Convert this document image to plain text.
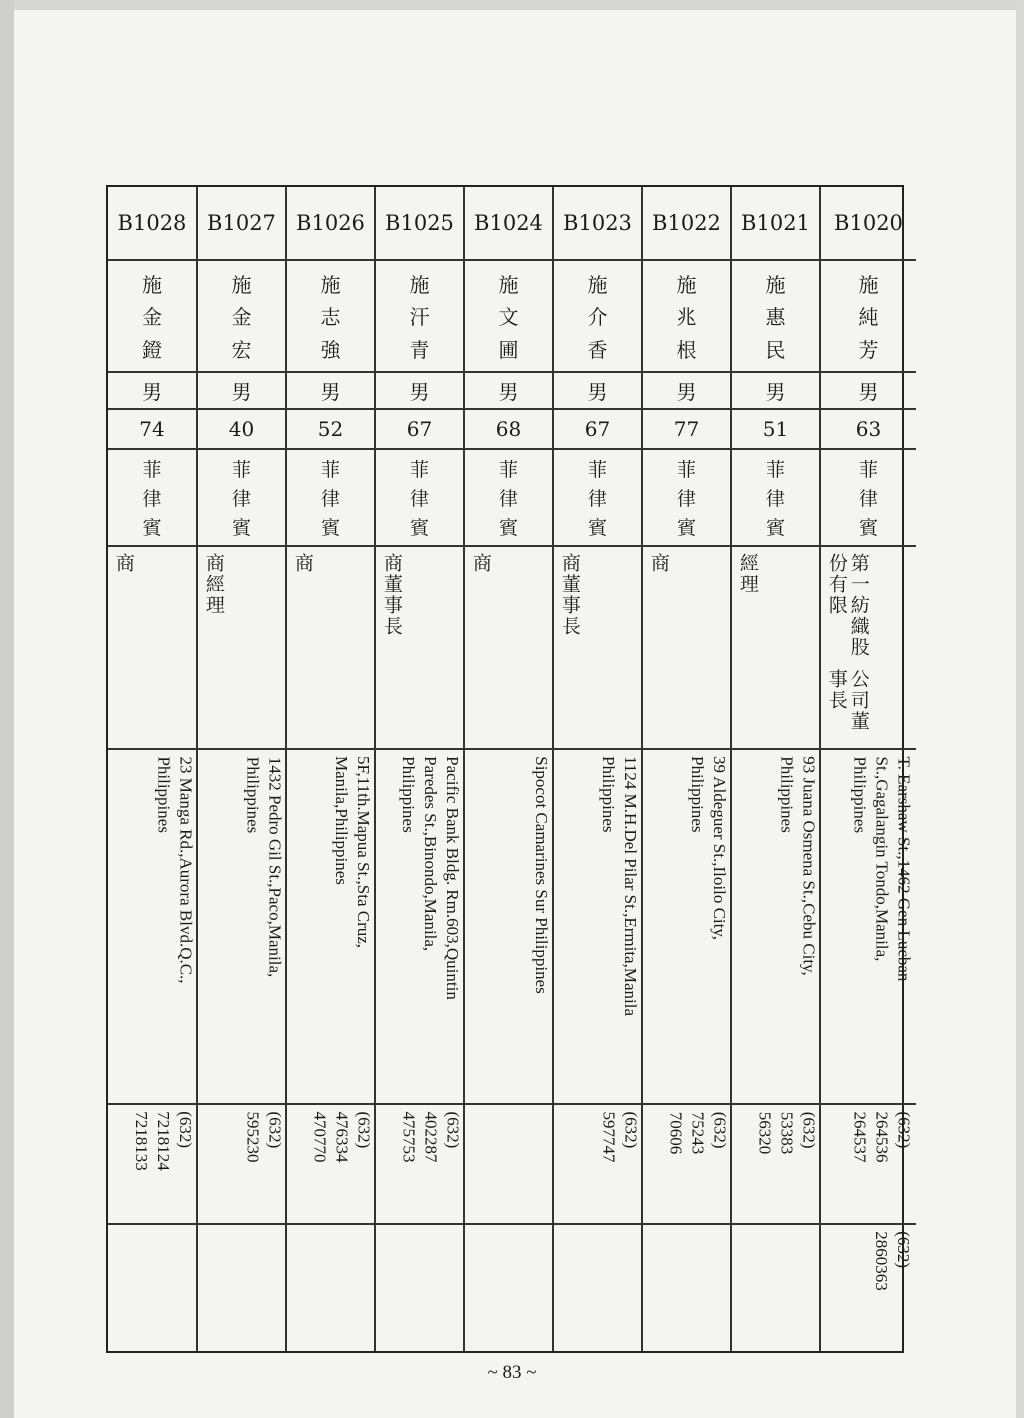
B1028
施
金
鐙
男
74
菲
律
賓
商
23 Manga Rd.,Aurora Blvd.Q.C.,
Philippines
(632)
7218124
7218133
B1027
施
金
宏
男
40
菲
律
賓
商
經理
1432 Pedro Gil St.,Paco,Manila,
Philippines
(632)
595230
B1026
施
志
強
男
52
菲
律
賓
商
5F,11th.Mapua St.,Sta Cruz,
Manila,Philippines
(632)
476334
470770
B1025
施
汗
青
男
67
菲
律
賓
商
董事長
Pacific Bank Bldg. Rm.603,Quintin
Paredes St.,Binondo,Manila,
Philippines
(632)
402287
475753
B1024
施
文
圃
男
68
菲
律
賓
商
Sipocot Camarines Sur Philippines
B1023
施
介
香
男
67
菲
律
賓
商
董事長
1124 M.H.Del Pilar St.,Ermita,Manila
Philippines
(632)
597747
B1022
施
兆
根
男
77
菲
律
賓
商
39 Aldeguer St.,Iloilo City,
Philippines
(632)
75243
70606
B1021
施
惠
民
男
51
菲
律
賓
經理
93 Juana Osmena St.,Cebu City,
Philippines
(632)
53383
56320
B1020
施
純
芳
男
63
菲
律
賓
第一紡織股份有限
公司董事長
T. Earshaw St.,1462 Gen Lucban
St.,Gagalangin Tondo,Manila,
Philippines
(632)
264536
264537
(632)
2860363
~ 83 ~
